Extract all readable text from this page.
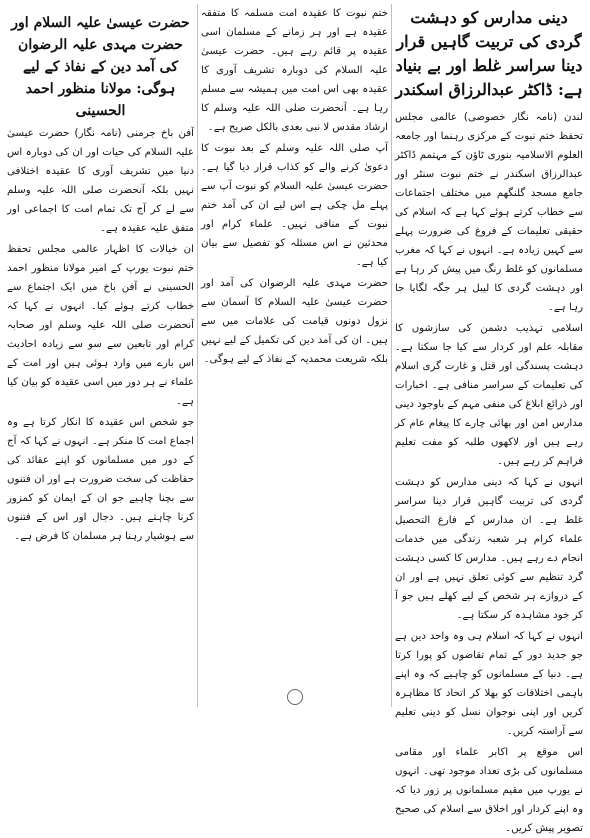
دینی مدارس کو دہشت گردی کی تربیت گاہیں قرار دینا سراسر غلط اور بے بنیاد ہے: ڈاکٹر عبدالرزاق اسکندر

لندن (نامہ نگار خصوصی) عالمی مجلس تحفظ ختم نبوت کے مرکزی رہنما اور جامعہ العلوم الاسلامیہ بنوری ٹاؤن کے مہتمم ڈاکٹر عبدالرزاق اسکندر نے ختم نبوت سنٹر اور جامع مسجد گلنگھم میں مختلف اجتماعات سے خطاب کرتے ہوئے کہا ہے کہ اسلام کی حقیقی تعلیمات کے فروغ کی ضرورت پہلے سے کہیں زیادہ ہے۔ انہوں نے کہا کہ مغرب مسلمانوں کو غلط رنگ میں پیش کر رہا ہے اور دہشت گردی کا لیبل ہر جگہ لگایا جا رہا ہے۔

اسلامی تہذیب دشمن کی سازشوں کا مقابلہ علم اور کردار سے کیا جا سکتا ہے۔ دہشت پسندگی اور قتل و غارت گری اسلام کی تعلیمات کے سراسر منافی ہے۔ اخبارات اور ذرائع ابلاغ کی منفی مہم کے باوجود دینی مدارس امن اور بھائی چارے کا پیغام عام کر رہے ہیں اور لاکھوں طلبہ کو مفت تعلیم فراہم کر رہے ہیں۔

انہوں نے کہا کہ دینی مدارس کو دہشت گردی کی تربیت گاہیں قرار دینا سراسر غلط ہے۔ ان مدارس کے فارغ التحصیل علماء کرام ہر شعبہ زندگی میں خدمات انجام دے رہے ہیں۔ مدارس کا کسی دہشت گرد تنظیم سے کوئی تعلق نہیں ہے اور ان کے دروازے ہر شخص کے لیے کھلے ہیں جو آ کر خود مشاہدہ کر سکتا ہے۔

انہوں نے کہا کہ اسلام ہی وہ واحد دین ہے جو جدید دور کے تمام تقاضوں کو پورا کرتا ہے۔ دنیا کے مسلمانوں کو چاہیے کہ وہ اپنے باہمی اختلافات کو بھلا کر اتحاد کا مظاہرہ کریں اور اپنی نوجوان نسل کو دینی تعلیم سے آراستہ کریں۔

اس موقع پر اکابر علماء اور مقامی مسلمانوں کی بڑی تعداد موجود تھی۔ انہوں نے یورپ میں مقیم مسلمانوں پر زور دیا کہ وہ اپنے کردار اور اخلاق سے اسلام کی صحیح تصویر پیش کریں۔

ختم نبوت کا عقیدہ امت مسلمہ کا متفقہ عقیدہ ہے اور ہر زمانے کے مسلمان اسی عقیدہ پر قائم رہے ہیں۔ حضرت عیسیٰ علیہ السلام کی دوبارہ تشریف آوری کا عقیدہ بھی اس امت میں ہمیشہ سے مسلم رہا ہے۔ آنحضرت صلی اللہ علیہ وسلم کا ارشاد مقدس لا نبی بعدی بالکل صریح ہے۔

آپ صلی اللہ علیہ وسلم کے بعد نبوت کا دعویٰ کرنے والے کو کذاب قرار دیا گیا ہے۔ حضرت عیسیٰ علیہ السلام کو نبوت آپ سے پہلے مل چکی ہے اس لیے ان کی آمد ختم نبوت کے منافی نہیں۔ علماء کرام اور محدثین نے اس مسئلہ کو تفصیل سے بیان کیا ہے۔

حضرت مہدی علیہ الرضوان کی آمد اور حضرت عیسیٰ علیہ السلام کا آسمان سے نزول دونوں قیامت کی علامات میں سے ہیں۔ ان کی آمد دین کی تکمیل کے لیے نہیں بلکہ شریعت محمدیہ کے نفاذ کے لیے ہوگی۔

حضرت عیسیٰ علیہ السلام اور حضرت مہدی علیہ الرضوان کی آمد دین کے نفاذ کے لیے ہوگی: مولانا منظور احمد الحسینی

آفن باخ جرمنی (نامہ نگار) حضرت عیسیٰ علیہ السلام کی حیات اور ان کی دوبارہ اس دنیا میں تشریف آوری کا عقیدہ اختلافی نہیں بلکہ آنحضرت صلی اللہ علیہ وسلم سے لے کر آج تک تمام امت کا اجماعی اور متفق علیہ عقیدہ ہے۔

ان خیالات کا اظہار عالمی مجلس تحفظ ختم نبوت یورپ کے امیر مولانا منظور احمد الحسینی نے آفن باخ میں ایک اجتماع سے خطاب کرتے ہوئے کیا۔ انہوں نے کہا کہ آنحضرت صلی اللہ علیہ وسلم اور صحابہ کرام اور تابعین سے سو سے زیادہ احادیث اس بارے میں وارد ہوئی ہیں اور امت کے علماء نے ہر دور میں اسی عقیدہ کو بیان کیا ہے۔

جو شخص اس عقیدہ کا انکار کرتا ہے وہ اجماع امت کا منکر ہے۔ انہوں نے کہا کہ آج کے دور میں مسلمانوں کو اپنے عقائد کی حفاظت کی سخت ضرورت ہے اور ان فتنوں سے بچنا چاہیے جو ان کے ایمان کو کمزور کرنا چاہتے ہیں۔ دجال اور اس کے فتنوں سے ہوشیار رہنا ہر مسلمان کا فرض ہے۔
